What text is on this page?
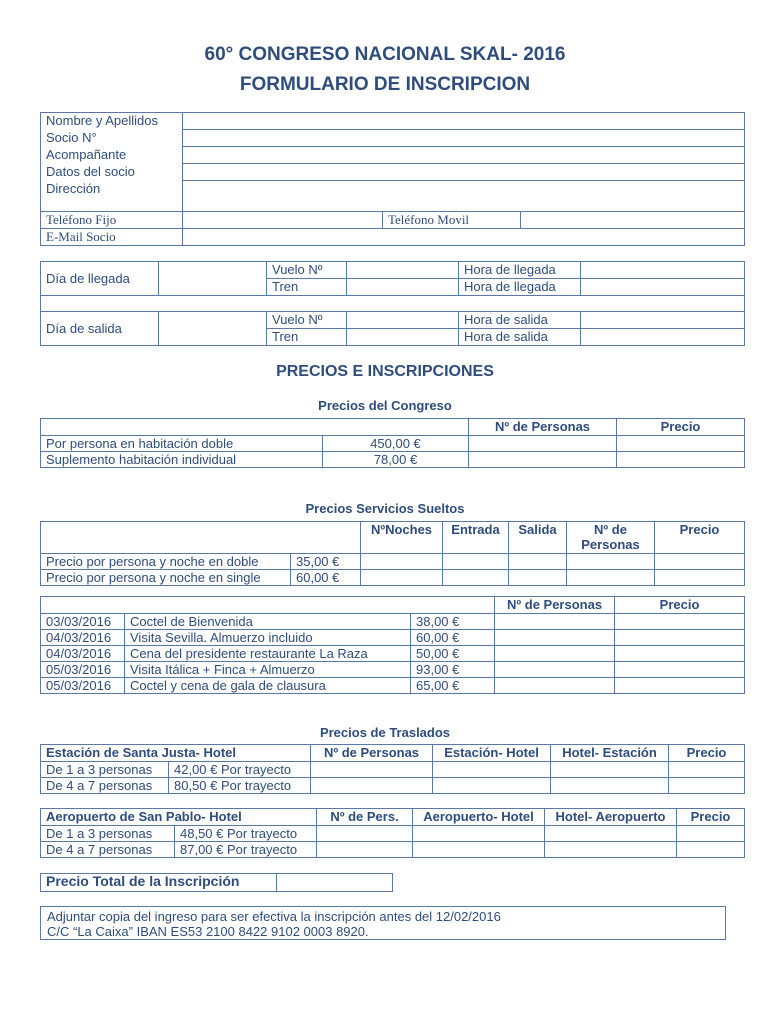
60° CONGRESO NACIONAL SKAL- 2016
FORMULARIO DE INSCRIPCION
Nombre y Apellidos			
Socio N°			
Acompañante			
Datos del socio			
Dirección			
Teléfono Fijo		Teléfono Movil	
E-Mail Socio			
Día de llegada		Vuelo Nº		Hora de llegada	
		Tren		Hora de llegada	

Día de salida		Vuelo Nº		Hora de salida	
		Tren		Hora de salida	
PRECIOS E INSCRIPCIONES
Precios del Congreso
		Nº de Personas	Precio
Por persona en habitación doble	450,00 €		
Suplemento habitación individual	78,00 €		
Precios Servicios Sueltos
		NºNoches	Entrada	Salida	Nº de Personas	Precio
Precio por persona y noche en doble	35,00 €					
Precio por persona y noche en single	60,00 €					
			Nº de Personas	Precio
03/03/2016	Coctel de Bienvenida	38,00 €		
04/03/2016	Visita Sevilla. Almuerzo incluido	60,00 €		
04/03/2016	Cena del presidente restaurante La Raza	50,00 €		
05/03/2016	Visita Itálica + Finca + Almuerzo	93,00 €		
05/03/2016	Coctel y cena de gala de clausura	65,00 €		
Precios de Traslados
Estación de Santa Justa- Hotel		Nº de Personas	Estación- Hotel	Hotel- Estación	Precio
De 1 a 3 personas	42,00 € Por trayecto				
De 4 a 7 personas	80,50 € Por trayecto				
Aeropuerto de San Pablo- Hotel		Nº de Pers.	Aeropuerto- Hotel	Hotel- Aeropuerto	Precio
De 1 a 3 personas	48,50 € Por trayecto				
De 4 a 7 personas	87,00 € Por trayecto				
Precio Total de la Inscripción	
Adjuntar copia del ingreso para ser efectiva la inscripción antes del 12/02/2016
C/C “La Caixa” IBAN ES53 2100 8422 9102 0003 8920.
